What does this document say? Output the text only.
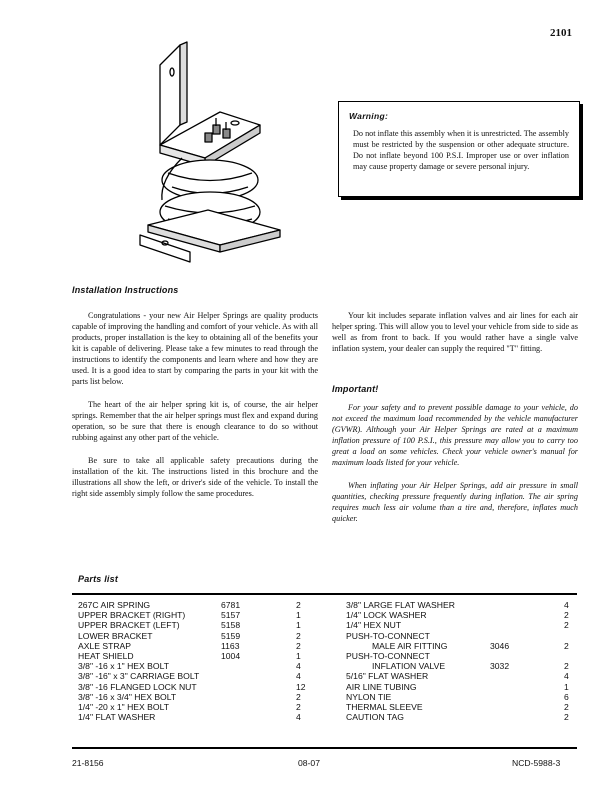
2101
Warning:
Do not inflate this assembly when it is unrestricted. The assembly must be restricted by the suspension or other adequate structure. Do not inflate beyond 100 P.S.I. Improper use or over inflation may cause property damage or severe personal injury.
Installation Instructions

Congratulations - your new Air Helper Springs are quality products capable of improving the handling and comfort of your vehicle. As with all products, proper installation is the key to obtaining all of the benefits your kit is capable of delivering. Please take a few minutes to read through the instructions to identify the components and learn where and how they are used. It is a good idea to start by comparing the parts in your kit with the parts list below.

The heart of the air helper spring kit is, of course, the air helper springs. Remember that the air helper springs must flex and expand during operation, so be sure that there is enough clearance to do so without rubbing against any other part of the vehicle.

Be sure to take all applicable safety precautions during the installation of the kit. The instructions listed in this brochure and the illustrations all show the left, or driver's side of the vehicle. To install the right side assembly simply follow the same procedures.

Your kit includes separate inflation valves and air lines for each air helper spring. This will allow you to level your vehicle from side to side as well as from front to back. If you would rather have a single valve inflation system, your dealer can supply the required "T" fitting.

Important!

For your safety and to prevent possible damage to your vehicle, do not exceed the maximum load recommended by the vehicle manufacturer (GVWR). Although your Air Helper Springs are rated at a maximum inflation pressure of 100 P.S.I., this pressure may allow you to carry too great a load on some vehicles. Check your vehicle owner's manual for maximum loads listed for your vehicle.

When inflating your Air Helper Springs, add air pressure in small quantities, checking pressure frequently during inflation. The air spring requires much less air volume than a tire and, therefore, inflates much quicker.

Parts list
267C AIR SPRING	6781	2
UPPER BRACKET (RIGHT)	5157	1
UPPER BRACKET (LEFT)	5158	1
LOWER BRACKET	5159	2
AXLE STRAP	1163	2
HEAT SHIELD	1004	1
3/8" -16 x 1" HEX BOLT	4
3/8" -16" x 3" CARRIAGE BOLT	4
3/8" -16 FLANGED LOCK NUT	12
3/8" -16 x 3/4" HEX BOLT	2
1/4" -20 x 1" HEX BOLT	2
1/4" FLAT WASHER	4
3/8" LARGE FLAT WASHER	4
1/4" LOCK WASHER	2
1/4" HEX NUT	2
PUSH-TO-CONNECT
MALE AIR FITTING	3046	2
PUSH-TO-CONNECT
INFLATION VALVE	3032	2
5/16" FLAT WASHER	4
AIR LINE TUBING	1
NYLON TIE	6
THERMAL SLEEVE	2
CAUTION TAG	2
21-8156	08-07	NCD-5988-3
